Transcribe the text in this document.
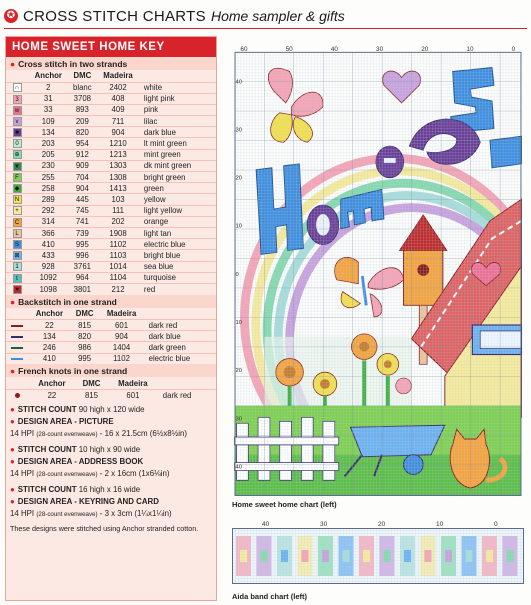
✪ CROSS STITCH CHARTS Home sampler & gifts
HOME SWEET HOME KEY
● Cross stitch in two strands
	Anchor	DMC	Madeira	
∩	2	blanc	2402	white
3	31	3708	408	light pink
w	33	893	409	pink
v	109	209	711	lilac
■	134	820	904	dark blue
0	203	954	1210	lt mint green
⊕	205	912	1213	mint green
▼	230	909	1303	dk mint green
F	255	704	1308	bright green
◆	258	904	1413	green
N	289	445	103	yellow
+	292	745	111	light yellow
C	314	741	202	orange
L	366	739	1908	light tan
S	410	995	1102	electric blue
⊠	433	996	1103	bright blue
1	928	3761	1014	sea blue
t	1092	964	1104	turquoise
♥	1098	3801	212	red
● Backstitch in one strand
	Anchor	DMC	Madeira	
	22	815	601	dark red
	134	820	904	dark blue
	246	986	1404	dark green
	410	995	1102	electric blue
● French knots in one strand
	Anchor	DMC	Madeira	
	22	815	601	dark red
● STITCH COUNT 90 high x 120 wide
● DESIGN AREA - PICTURE
14 HPI (28-count evenweave) - 16 x 21.5cm (6½x8½in)
● STITCH COUNT 10 high x 90 wide
● DESIGN AREA - ADDRESS BOOK
14 HPI (28-count evenweave) - 2 x 16cm (1x6⅛in)
● STITCH COUNT 16 high x 16 wide
● DESIGN AREA - KEYRING AND CARD
14 HPI (28-count evenweave) - 3 x 3cm (1¼x1¼in)
These designs were stitched using Anchor stranded cotton.
60	50	40	30	20	10	0
40
30
20
10
0
10
20
30
40
Home sweet home chart (left)
40	30	20	10	0
Aida band chart (left)
